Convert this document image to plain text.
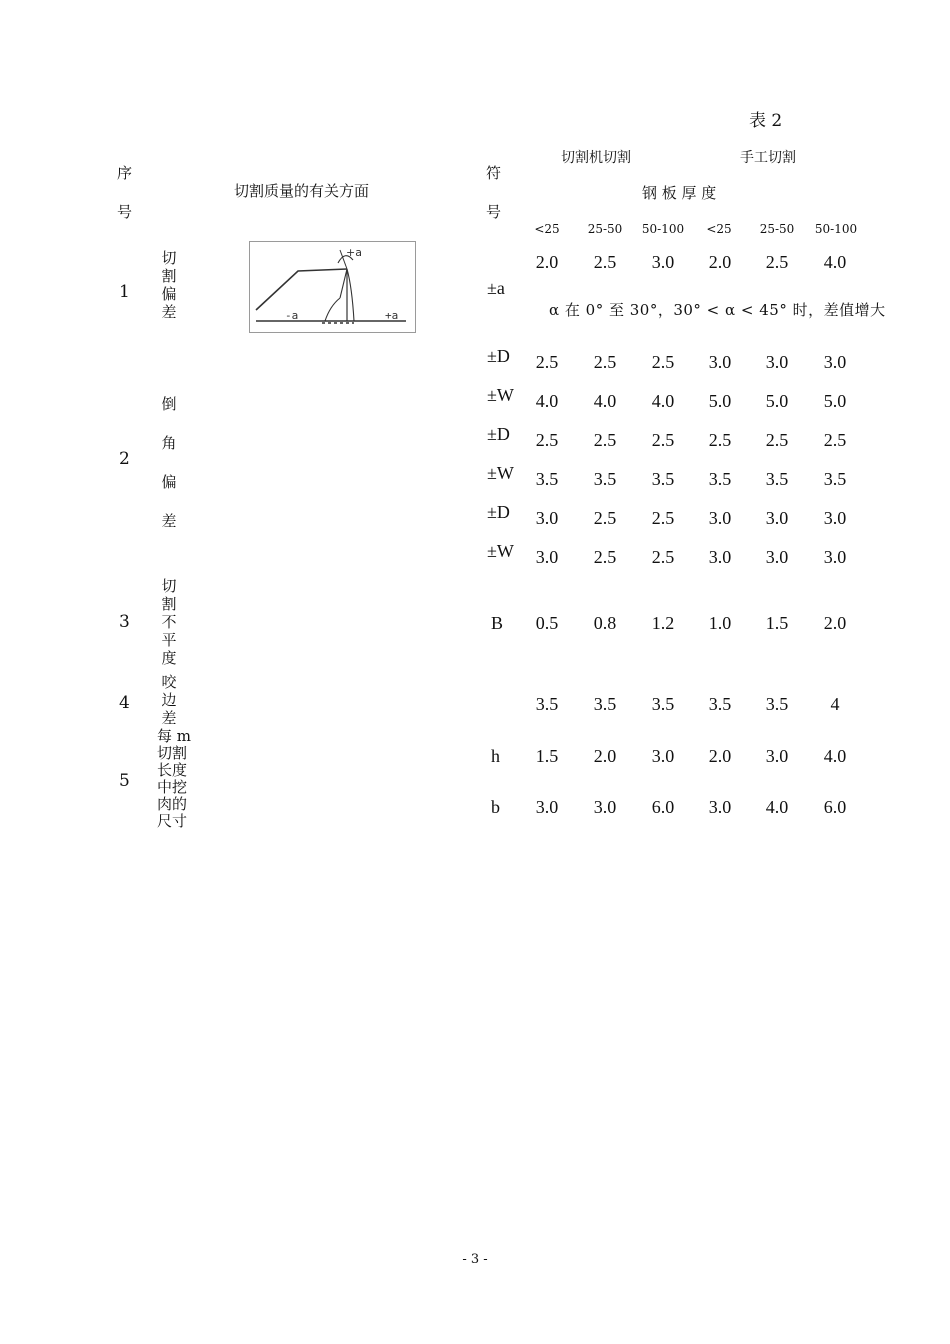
表 2
序
号
切割质量的有关方面
符
号
切割机切割	手工切割
钢 板 厚 度
<25 25-50 50-100 <25 25-50 50-100
1
切
割
偏
差
+a
-a	+a
±a
2.0 2.5 3.0 2.0 2.5 4.0
α 在 0° 至 30°，30° < α < 45° 时，差值增大
2
倒
角
偏
差
±D 2.5 2.5 2.5 3.0 3.0 3.0
±W 4.0 4.0 4.0 5.0 5.0 5.0
±D 2.5 2.5 2.5 2.5 2.5 2.5
±W 3.5 3.5 3.5 3.5 3.5 3.5
±D 3.0 2.5 2.5 3.0 3.0 3.0
±W 3.0 2.5 2.5 3.0 3.0 3.0
3
切
割
不
平
度
B 0.5 0.8 1.2 1.0 1.5 2.0
4
咬
边
差
3.5 3.5 3.5 3.5 3.5 4
5
每 m
切割
长度
中挖
肉的
尺寸
h 1.5 2.0 3.0 2.0 3.0 4.0
b 3.0 3.0 6.0 3.0 4.0 6.0
- 3 -
